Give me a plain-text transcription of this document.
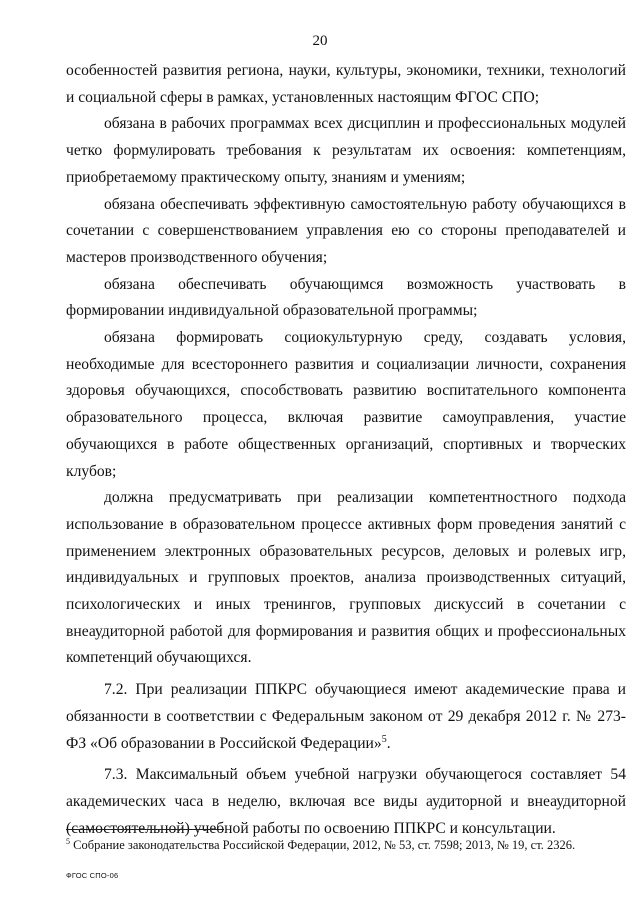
20

особенностей развития региона, науки, культуры, экономики, техники, технологий и социальной сферы в рамках, установленных настоящим ФГОС СПО;

обязана в рабочих программах всех дисциплин и профессиональных модулей четко формулировать требования к результатам их освоения: компетенциям, приобретаемому практическому опыту, знаниям и умениям;

обязана обеспечивать эффективную самостоятельную работу обучающихся в сочетании с совершенствованием управления ею со стороны преподавателей и мастеров производственного обучения;

обязана обеспечивать обучающимся возможность участвовать в формировании индивидуальной образовательной программы;

обязана формировать социокультурную среду, создавать условия, необходимые для всестороннего развития и социализации личности, сохранения здоровья обучающихся, способствовать развитию воспитательного компонента образовательного процесса, включая развитие самоуправления, участие обучающихся в работе общественных организаций, спортивных и творческих клубов;

должна предусматривать при реализации компетентностного подхода использование в образовательном процессе активных форм проведения занятий с применением электронных образовательных ресурсов, деловых и ролевых игр, индивидуальных и групповых проектов, анализа производственных ситуаций, психологических и иных тренингов, групповых дискуссий в сочетании с внеаудиторной работой для формирования и развития общих и профессиональных компетенций обучающихся.

7.2. При реализации ППКРС обучающиеся имеют академические права и обязанности в соответствии с Федеральным законом от 29 декабря 2012 г. № 273-ФЗ «Об образовании в Российской Федерации»$^5$.

7.3. Максимальный объем учебной нагрузки обучающегося составляет 54 академических часа в неделю, включая все виды аудиторной и внеаудиторной (самостоятельной) учебной работы по освоению ППКРС и консультации.

$^5$ Собрание законодательства Российской Федерации, 2012, № 53, ст. 7598; 2013, № 19, ст. 2326.
ФГОС СПО-06
